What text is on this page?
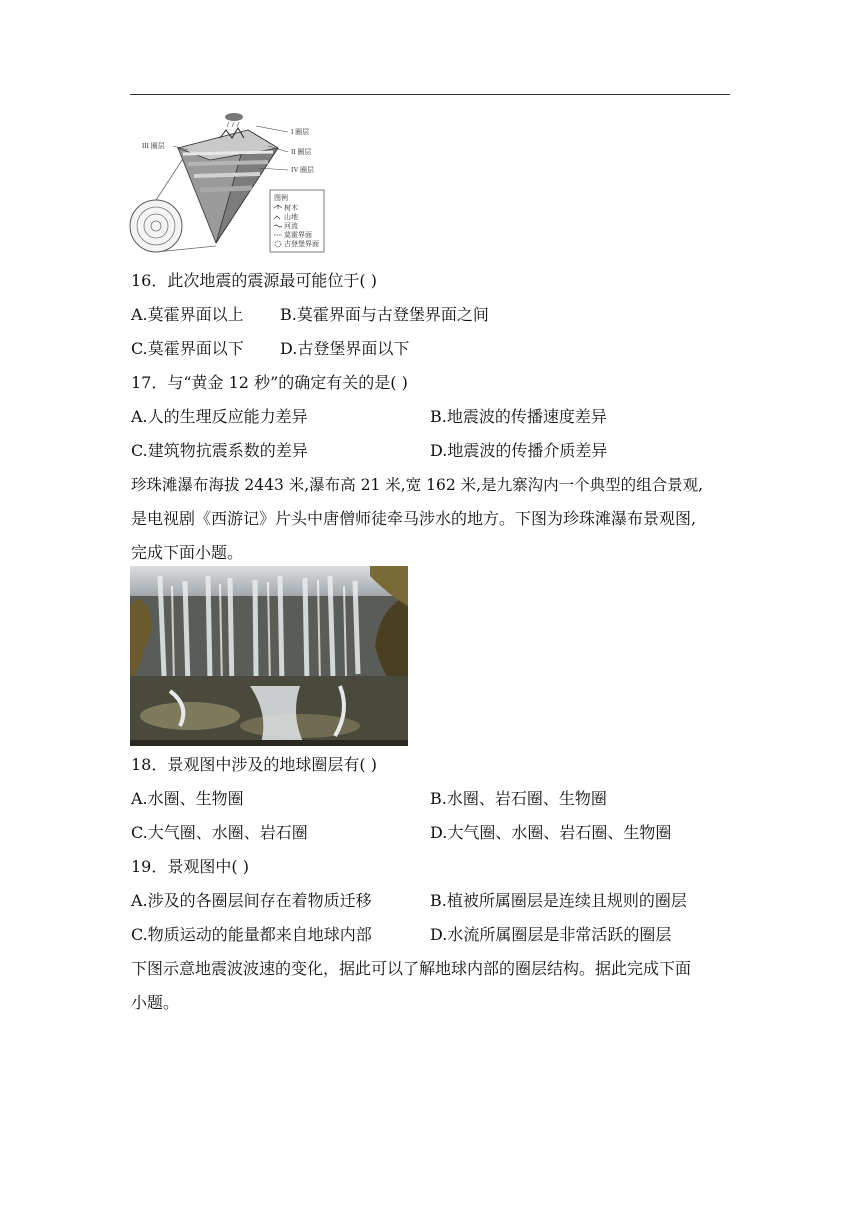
I 圈层
II 圈层
III 圈层
IV 圈层
图例
树木
山地
河流
莫霍界面
古登堡界面
16．此次地震的震源最可能位于( )
A.莫霍界面以上 B.莫霍界面与古登堡界面之间
C.莫霍界面以下 D.古登堡界面以下
17．与“黄金 12 秒”的确定有关的是( )
A.人的生理反应能力差异	B.地震波的传播速度差异
C.建筑物抗震系数的差异	D.地震波的传播介质差异
珍珠滩瀑布海拔 2443 米,瀑布高 21 米,宽 162 米,是九寨沟内一个典型的组合景观,
是电视剧《西游记》片头中唐僧师徒牵马涉水的地方。下图为珍珠滩瀑布景观图,
完成下面小题。
18．景观图中涉及的地球圈层有( )
A.水圈、生物圈	B.水圈、岩石圈、生物圈
C.大气圈、水圈、岩石圈	D.大气圈、水圈、岩石圈、生物圈
19．景观图中( )
A.涉及的各圈层间存在着物质迁移	B.植被所属圈层是连续且规则的圈层
C.物质运动的能量都来自地球内部	D.水流所属圈层是非常活跃的圈层
下图示意地震波波速的变化，据此可以了解地球内部的圈层结构。据此完成下面
小题。
